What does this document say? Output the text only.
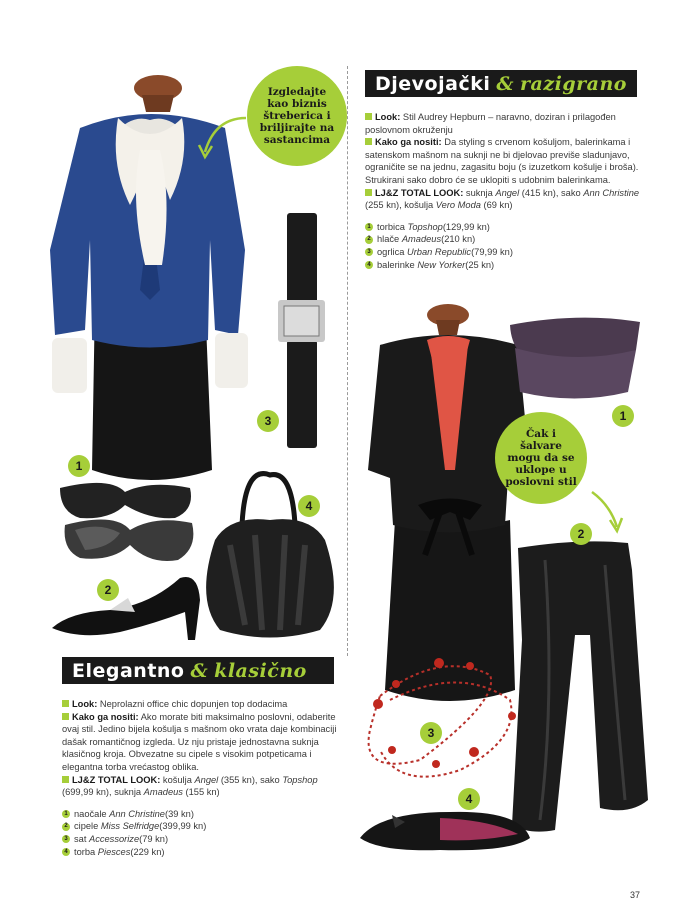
Djevojački & razigrano

Look: Stil Audrey Hepburn – naravno, doziran i prilagođen poslovnom okruženju

Kako ga nositi: Da styling s crvenom košuljom, balerinkama i satenskom mašnom na suknji ne bi djelovao previše sladunjavo, ograničite se na jednu, zagasitu boju (s izuzetkom košulje i broša). Strukirani sako dobro će se uklopiti s udobnim balerinkama.

LJ&Z TOTAL LOOK: suknja Angel (415 kn), sako Ann Christine (255 kn), košulja Vero Moda (69 kn)

1 torbica
Topshop (129,99 kn)
2 hlače
Amadeus (210 kn)
3 ogrlica
Urban Republic (79,99 kn)
4 balerinke
New Yorker (25 kn)
Elegantno & klasično

Look: Neprolazni office chic dopunjen top dodacima

Kako ga nositi: Ako morate biti maksimalno poslovni, odaberite ovaj stil. Jedino bijela košulja s mašnom oko vrata daje kombinaciji dašak romantičnog izgleda. Uz nju pristaje jednostavna suknja klasičnog kroja. Obvezatne su cipele s visokim potpeticama i elegantna torba vrećastog oblika.

LJ&Z TOTAL LOOK: košulja Angel (355 kn), sako Topshop (699,99 kn), suknja Amadeus (155 kn)

1 naočale
Ann Christine (39 kn)
2 cipele
Miss Selfridge (399,99 kn)
3 sat
Accessorize (79 kn)
4 torba
Piesces (229 kn)
Izgledajte kao biznis štreberica i briljirajte na sastancima
Čak i šalvare mogu da se uklope u poslovni stil
1
2
3
4
1
2
3
4
37
